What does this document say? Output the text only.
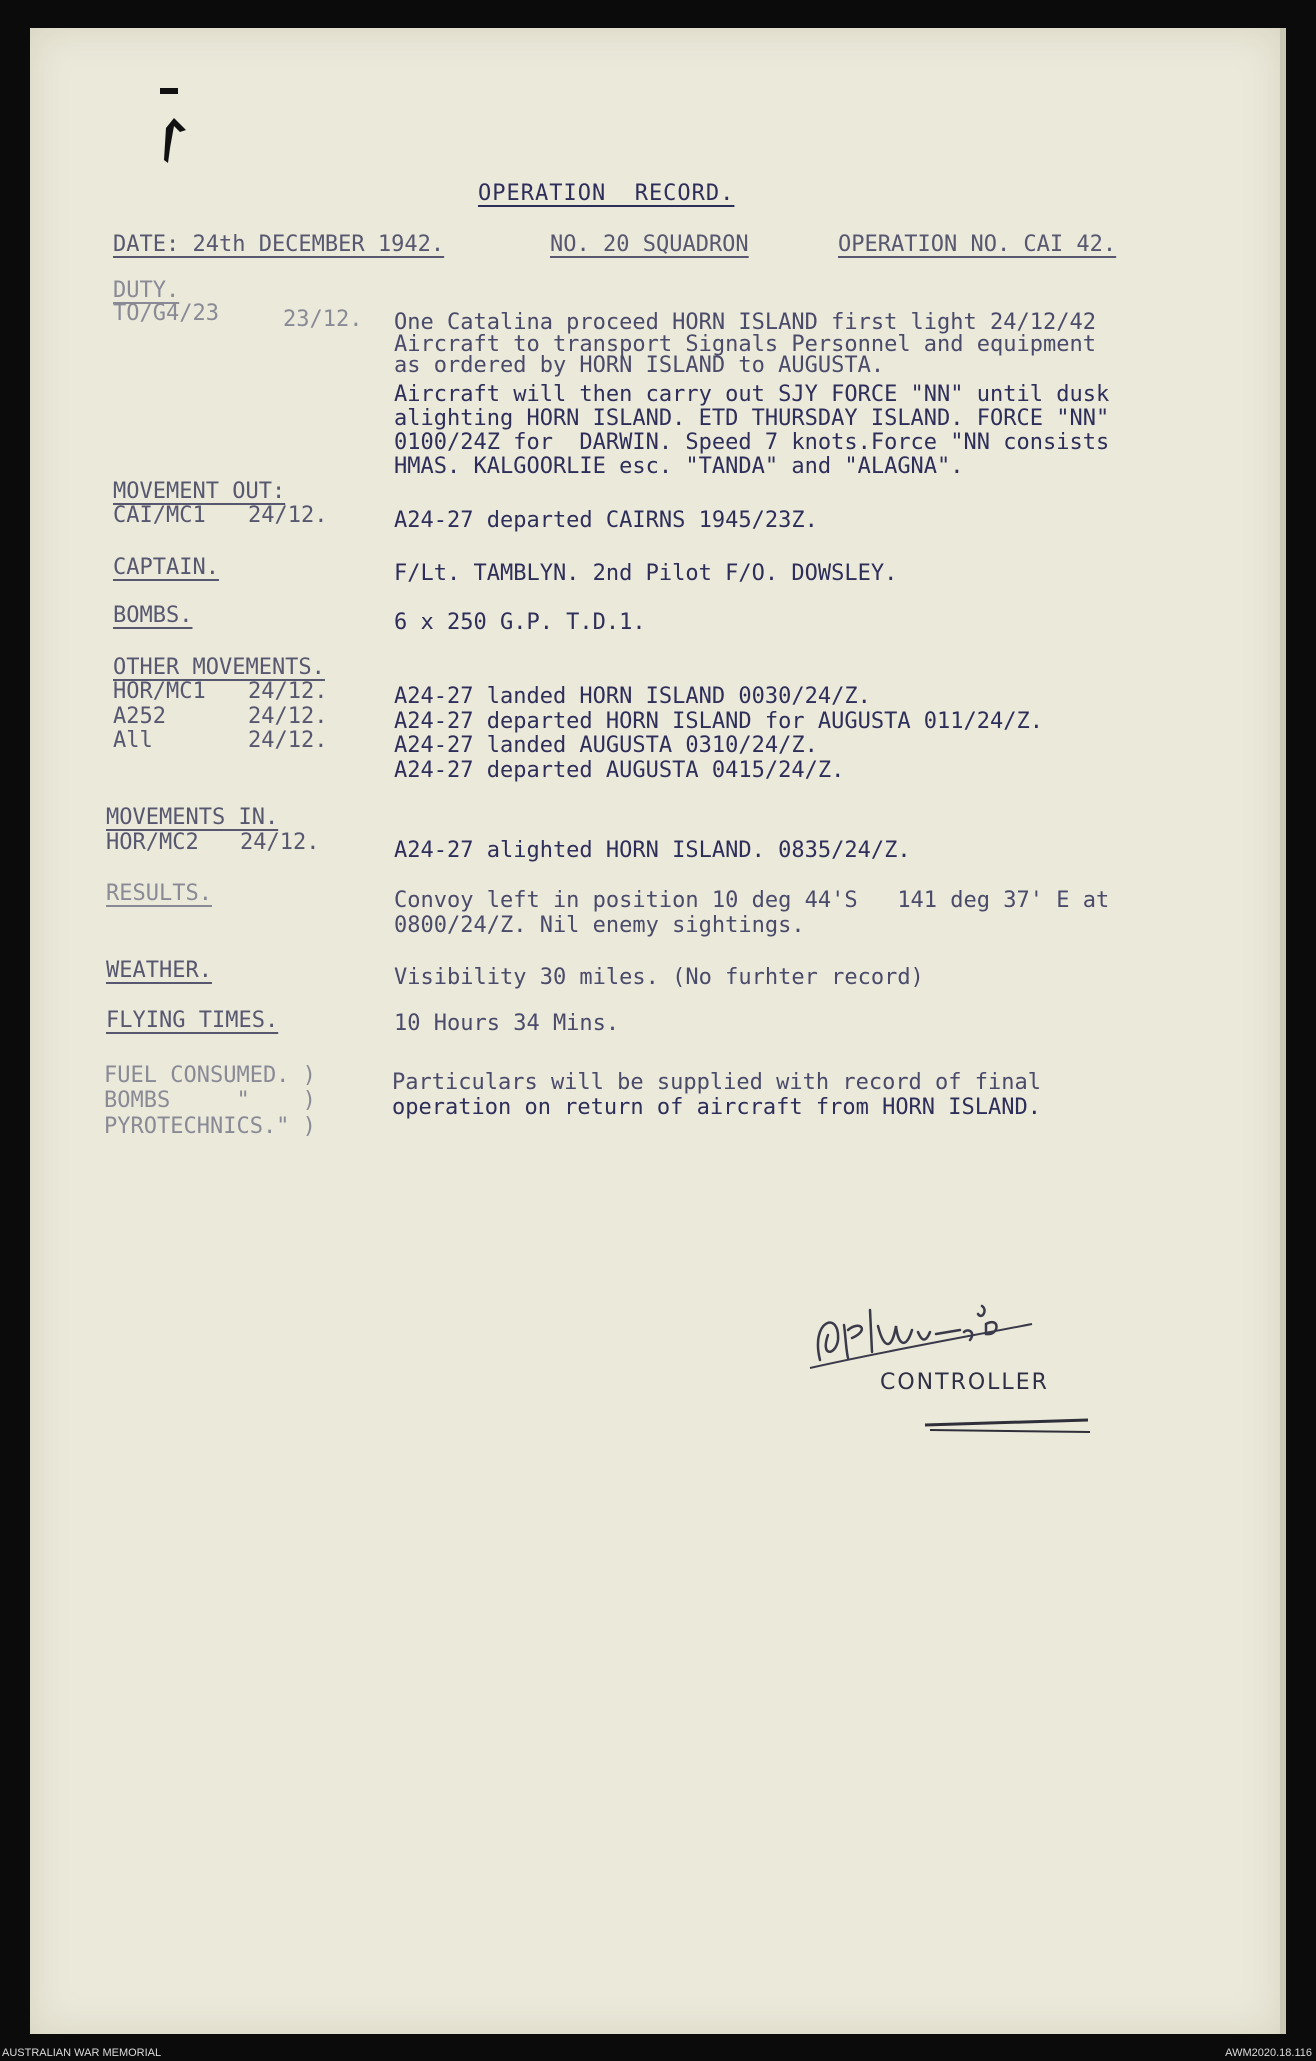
OPERATION  RECORD.
DATE: 24th DECEMBER 1942.	NO. 20 SQUADRON	OPERATION NO. CAI 42.
DUTY.
TO/G4/23	23/12. One Catalina proceed HORN ISLAND first light 24/12/42
Aircraft to transport Signals Personnel and equipment
as ordered by HORN ISLAND to AUGUSTA.
Aircraft will then carry out SJY FORCE "NN" until dusk
alighting HORN ISLAND. ETD THURSDAY ISLAND. FORCE "NN"
0100/24Z for  DARWIN. Speed 7 knots.Force "NN consists
HMAS. KALGOORLIE esc. "TANDA" and "ALAGNA".
MOVEMENT OUT:
CAI/MC1 24/12.	A24-27 departed CAIRNS 1945/23Z.
CAPTAIN.	F/Lt. TAMBLYN. 2nd Pilot F/O. DOWSLEY.
BOMBS.	6 x 250 G.P. T.D.1.
OTHER MOVEMENTS.
HOR/MC1 24/12.	A24-27 landed HORN ISLAND 0030/24/Z.
A252	24/12.	A24-27 departed HORN ISLAND for AUGUSTA 011/24/Z.
All	24/12.	A24-27 landed AUGUSTA 0310/24/Z.
A24-27 departed AUGUSTA 0415/24/Z.
MOVEMENTS IN.
HOR/MC2 24/12.	A24-27 alighted HORN ISLAND. 0835/24/Z.
RESULTS.	Convoy left in position 10 deg 44'S   141 deg 37' E at
0800/24/Z. Nil enemy sightings.
WEATHER.	Visibility 30 miles. (No furhter record)
FLYING TIMES.	10 Hours 34 Mins.
FUEL CONSUMED. )
BOMBS     "    )
PYROTECHNICS." )
Particulars will be supplied with record of final
operation on return of aircraft from HORN ISLAND.
CONTROLLER
AUSTRALIAN WAR MEMORIAL	AWM2020.18.116
